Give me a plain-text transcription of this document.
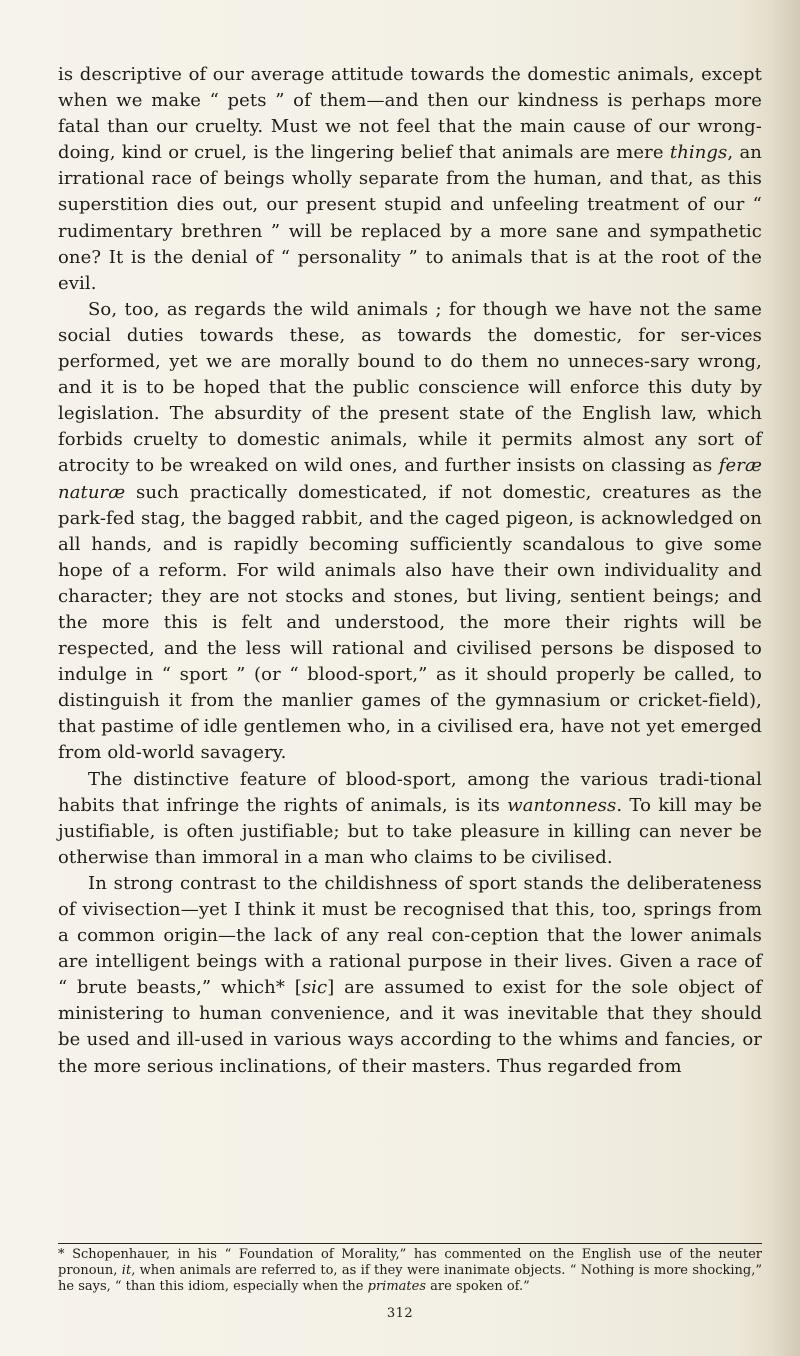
is descriptive of our average attitude towards the domestic animals, except when we make “ pets ” of them—and then our kindness is perhaps more fatal than our cruelty. Must we not feel that the main cause of our wrong-doing, kind or cruel, is the lingering belief that animals are mere things, an irrational race of beings wholly separate from the human, and that, as this superstition dies out, our present stupid and unfeeling treatment of our “ rudimentary brethren ” will be replaced by a more sane and sympathetic one? It is the denial of “ personality ” to animals that is at the root of the evil.

So, too, as regards the wild animals ; for though we have not the same social duties towards these, as towards the domestic, for ser-vices performed, yet we are morally bound to do them no unneces-sary wrong, and it is to be hoped that the public conscience will enforce this duty by legislation. The absurdity of the present state of the English law, which forbids cruelty to domestic animals, while it permits almost any sort of atrocity to be wreaked on wild ones, and further insists on classing as feræ naturæ such practically domesticated, if not domestic, creatures as the park-fed stag, the bagged rabbit, and the caged pigeon, is acknowledged on all hands, and is rapidly becoming sufficiently scandalous to give some hope of a reform. For wild animals also have their own individuality and character; they are not stocks and stones, but living, sentient beings; and the more this is felt and understood, the more their rights will be respected, and the less will rational and civilised persons be disposed to indulge in “ sport ” (or “ blood-sport,” as it should properly be called, to distinguish it from the manlier games of the gymnasium or cricket-field), that pastime of idle gentlemen who, in a civilised era, have not yet emerged from old-world savagery.

The distinctive feature of blood-sport, among the various tradi-tional habits that infringe the rights of animals, is its wantonness. To kill may be justifiable, is often justifiable; but to take pleasure in killing can never be otherwise than immoral in a man who claims to be civilised.

In strong contrast to the childishness of sport stands the deliberateness of vivisection—yet I think it must be recognised that this, too, springs from a common origin—the lack of any real con-ception that the lower animals are intelligent beings with a rational purpose in their lives. Given a race of “ brute beasts,” which* [sic] are assumed to exist for the sole object of ministering to human convenience, and it was inevitable that they should be used and ill-used in various ways according to the whims and fancies, or the more serious inclinations, of their masters. Thus regarded from

* Schopenhauer, in his “ Foundation of Morality,” has commented on the English use of the neuter pronoun, it, when animals are referred to, as if they were inanimate objects. “ Nothing is more shocking,” he says, “ than this idiom, especially when the primates are spoken of.”
312
